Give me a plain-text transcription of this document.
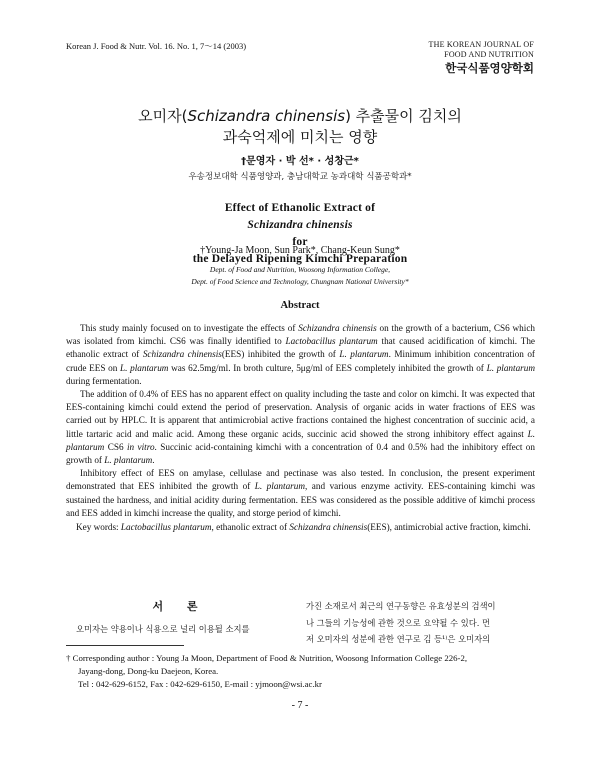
Korean J. Food & Nutr. Vol. 16. No. 1, 7～14 (2003)	THE KOREAN JOURNAL OF
FOOD AND NUTRITION
한국식품영양학회
오미자(Schizandra chinensis) 추출물이 김치의
과숙억제에 미치는 영향
†문영자 · 박 선* · 성창근*
우송정보대학 식품영양과, 충남대학교 농과대학 식품공학과*
Effect of Ethanolic Extract of
Schizandra chinensis
for
the Delayed Ripening Kimchi Preparation
†Young-Ja Moon, Sun Park*, Chang-Keun Sung*
Dept. of Food and Nutrition, Woosong Information College,
Dept. of Food Science and Technology, Chungnam National University*
Abstract

This study mainly focused on to investigate the effects of Schizandra chinensis on the growth of a bacterium, CS6 which was isolated from kimchi. CS6 was finally identified to Lactobacillus plantarum that caused acidification of kimchi. The ethanolic extract of Schizandra chinensis(EES) inhibited the growth of L. plantarum. Minimum inhibition concentration of crude EES on L. plantarum was 62.5mg/ml. In broth culture, 5μg/ml of EES completely inhibited the growth of L. plantarum during fermentation.

The addition of 0.4% of EES has no apparent effect on quality including the taste and color on kimchi. It was expected that EES-containing kimchi could extend the period of preservation. Analysis of organic acids in water fractions of EES was carried out by HPLC. It is apparent that antimicrobial active fractions contained the highest concentration of succinic acid, a little tartaric acid and malic acid. Among these organic acids, succinic acid showed the strong inhibitory effect against L. plantarum CS6 in vitro. Succinic acid-containing kimchi with a concentration of 0.4 and 0.5% had the inhibitory effect on growth of L. plantarum.

Inhibitory effect of EES on amylase, cellulase and pectinase was also tested. In conclusion, the present experiment demonstrated that EES inhibited the growth of L. plantarum, and various enzyme activity. EES-containing kimchi was sustained the hardness, and initial acidity during fermentation. EES was considered as the possible additive of kimchi process and EES added in kimchi increase the quality, and storge period of kimchi.

Key words: Lactobacillus plantarum, ethanolic extract of Schizandra chinensis(EES), antimicrobial active fraction, kimchi.
서 론
오미자는 약용이나 식용으로 널리 이용될 소지를
가진 소재로서 최근의 연구동향은 유효성분의 검색이
나 그들의 기능성에 관한 것으로 요약될 수 있다. 먼
저 오미자의 성분에 관한 연구로 김 등¹⁾은 오미자의
† Corresponding author : Young Ja Moon, Department of Food & Nutrition, Woosong Information College 226-2,
Jayang-dong, Dong-ku Daejeon, Korea.
Tel : 042-629-6152, Fax : 042-629-6150, E-mail : yjmoon@wsi.ac.kr
- 7 -
